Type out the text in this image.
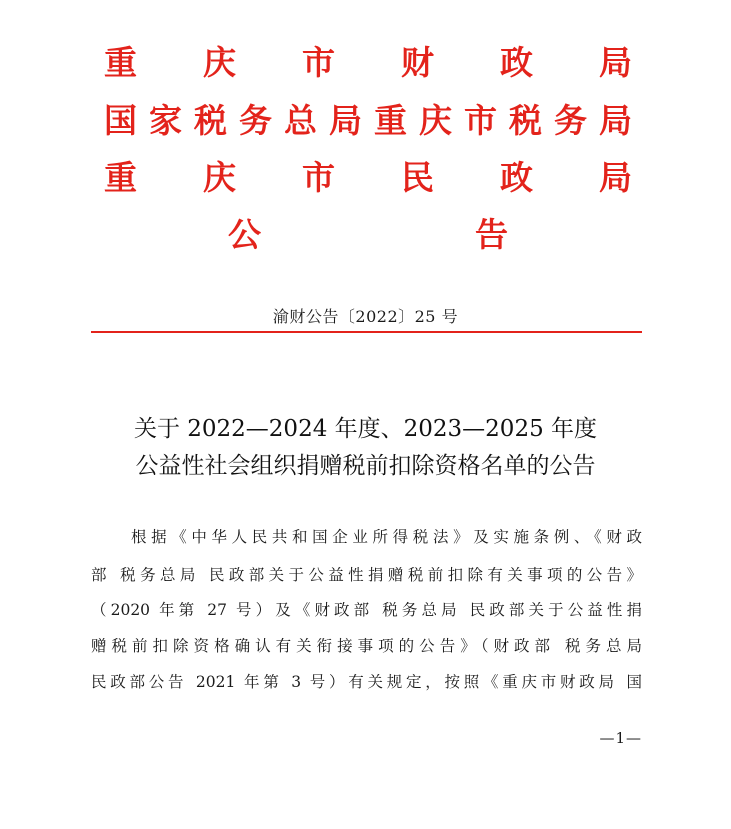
重 庆 市 财 政 局
国 家 税 务 总 局 重 庆 市 税 务 局
重 庆 市 民 政 局
公	告
渝财公告〔2022〕25 号
关于 2022—2024 年度、2023—2025 年度
公益性社会组织捐赠税前扣除资格名单的公告
根据《中华人民共和国企业所得税法》及实施条例、《财政
部 税务总局 民政部关于公益性捐赠税前扣除有关事项的公告》
（2020 年第 27 号）及《财政部 税务总局 民政部关于公益性捐
赠税前扣除资格确认有关衔接事项的公告》（财政部 税务总局
民政部公告 2021 年第 3 号）有关规定，按照《重庆市财政局 国
—1—
